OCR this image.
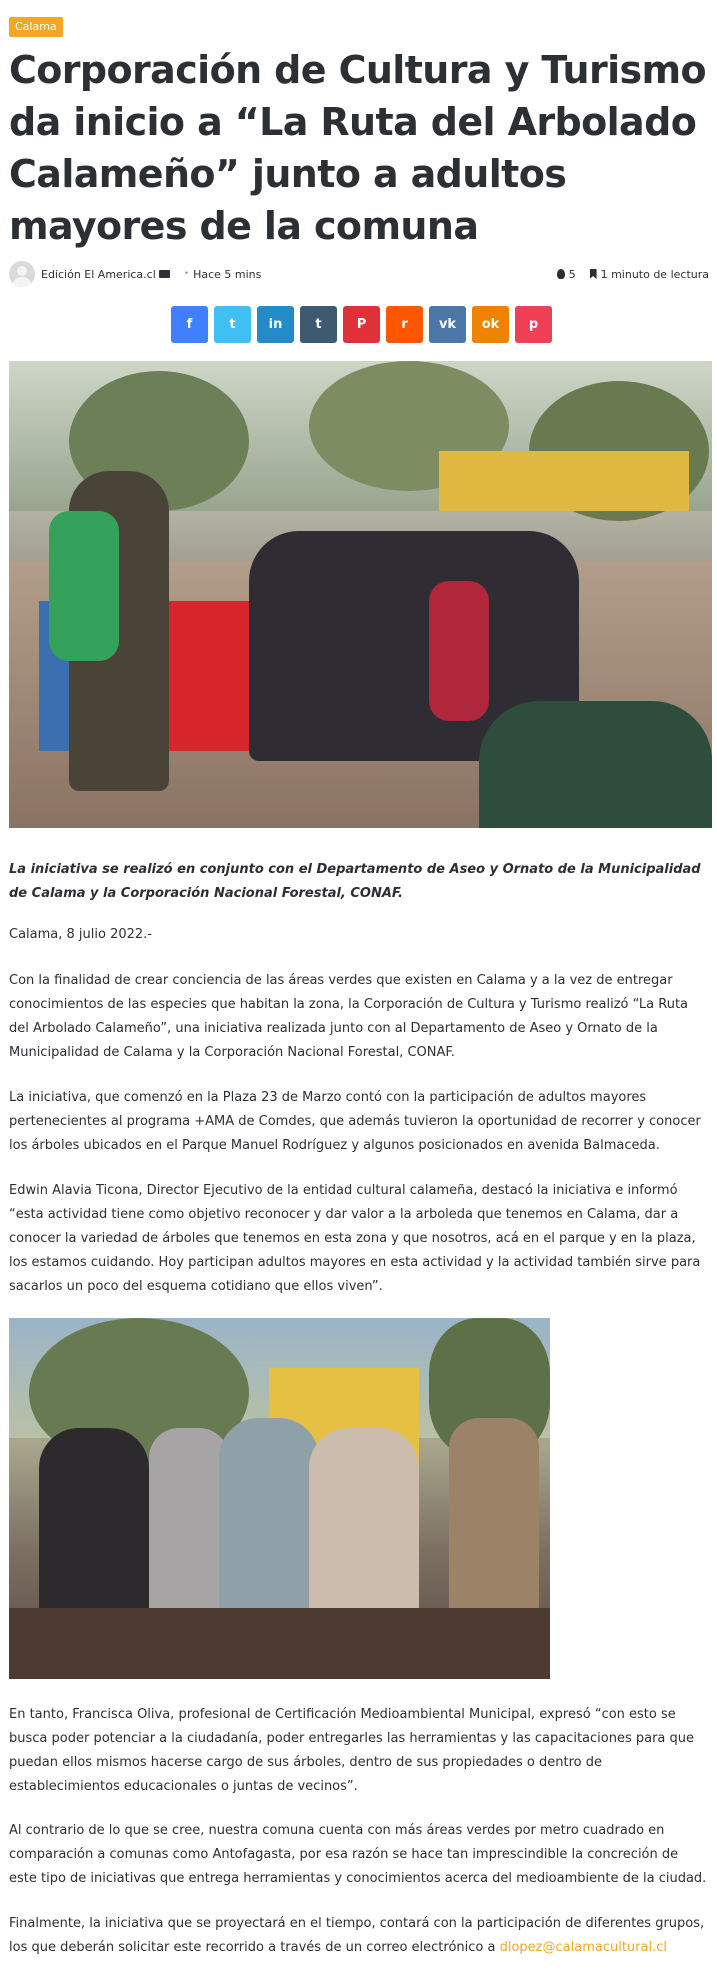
Calama
Corporación de Cultura y Turismo da inicio a “La Ruta del Arbolado Calameño” junto a adultos mayores de la comuna
Edición El America.cl	• Hace 5 mins	5 1 minuto de lectura
f	t	in	t	P	r vk ok p
La iniciativa se realizó en conjunto con el Departamento de Aseo y Ornato de la Municipalidad de Calama y la Corporación Nacional Forestal, CONAF.

Calama, 8 julio 2022.-

Con la finalidad de crear conciencia de las áreas verdes que existen en Calama y a la vez de entregar conocimientos de las especies que habitan la zona, la Corporación de Cultura y Turismo realizó “La Ruta del Arbolado Calameño”, una iniciativa realizada junto con al Departamento de Aseo y Ornato de la Municipalidad de Calama y la Corporación Nacional Forestal, CONAF.

La iniciativa, que comenzó en la Plaza 23 de Marzo contó con la participación de adultos mayores pertenecientes al programa +AMA de Comdes, que además tuvieron la oportunidad de recorrer y conocer los árboles ubicados en el Parque Manuel Rodríguez y algunos posicionados en avenida Balmaceda.

Edwin Alavia Ticona, Director Ejecutivo de la entidad cultural calameña, destacó la iniciativa e informó “esta actividad tiene como objetivo reconocer y dar valor a la arboleda que tenemos en Calama, dar a conocer la variedad de árboles que tenemos en esta zona y que nosotros, acá en el parque y en la plaza, los estamos cuidando. Hoy participan adultos mayores en esta actividad y la actividad también sirve para sacarlos un poco del esquema cotidiano que ellos viven”.

En tanto, Francisca Oliva, profesional de Certificación Medioambiental Municipal, expresó “con esto se busca poder potenciar a la ciudadanía, poder entregarles las herramientas y las capacitaciones para que puedan ellos mismos hacerse cargo de sus árboles, dentro de sus propiedades o dentro de establecimientos educacionales o juntas de vecinos”.

Al contrario de lo que se cree, nuestra comuna cuenta con más áreas verdes por metro cuadrado en comparación a comunas como Antofagasta, por esa razón se hace tan imprescindible la concreción de este tipo de iniciativas que entrega herramientas y conocimientos acerca del medioambiente de la ciudad.

Finalmente, la iniciativa que se proyectará en el tiempo, contará con la participación de diferentes grupos, los que deberán solicitar este recorrido a través de un correo electrónico a dlopez@calamacultural.cl
